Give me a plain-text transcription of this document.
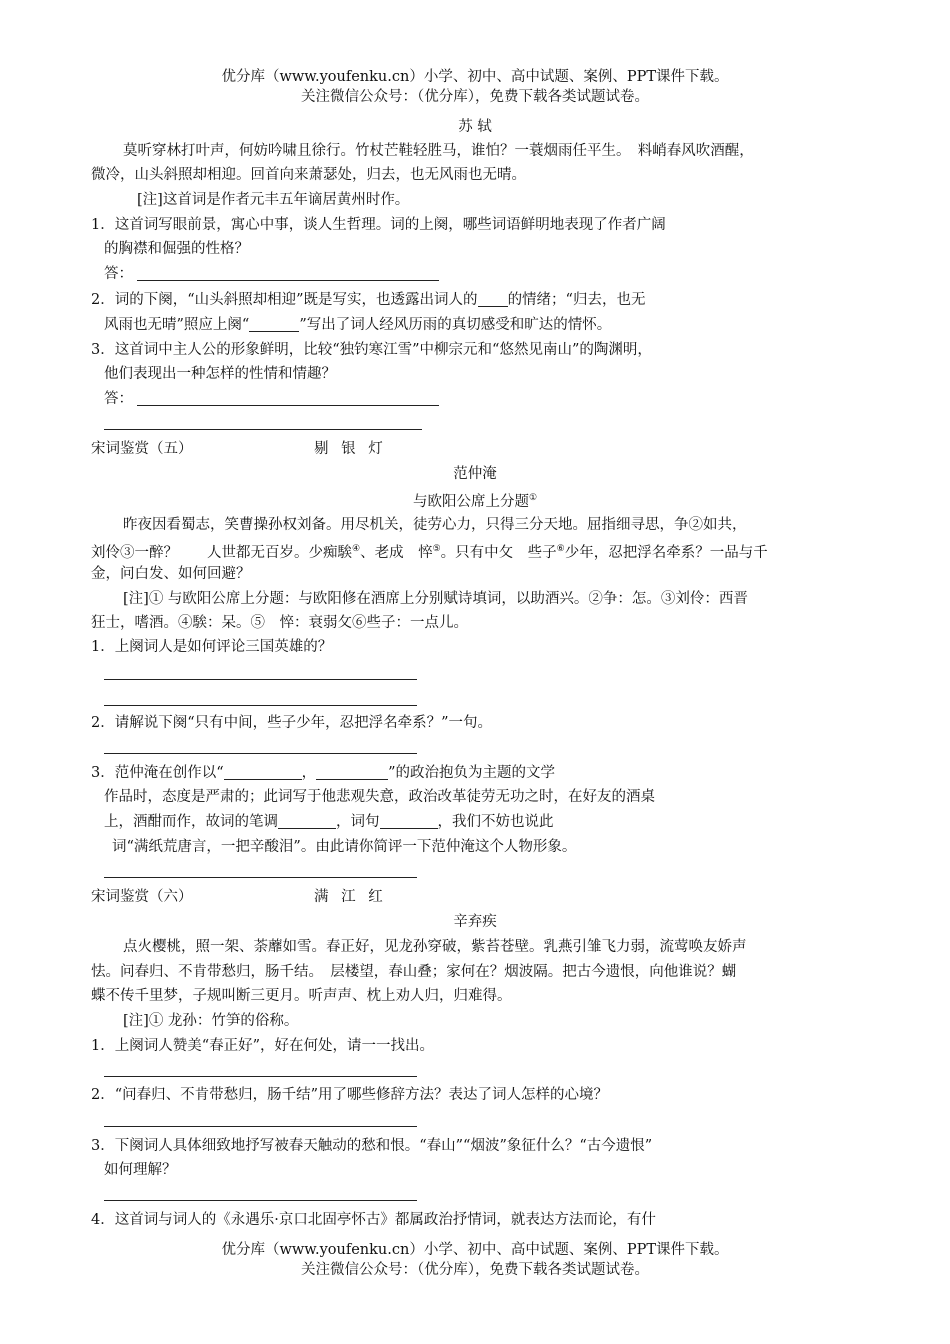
优分库（www.youfenku.cn）小学、初中、高中试题、案例、PPT课件下载。
关注微信公众号：（优分库），免费下载各类试题试卷。
苏 轼
莫听穿林打叶声，何妨吟啸且徐行。竹杖芒鞋轻胜马，谁怕？一蓑烟雨任平生。　料峭春风吹酒醒，
微冷，山头斜照却相迎。回首向来萧瑟处，归去，也无风雨也无晴。
[注]这首词是作者元丰五年谪居黄州时作。
1．这首词写眼前景，寓心中事，谈人生哲理。词的上阕，哪些词语鲜明地表现了作者广阔
的胸襟和倔强的性格？
答：
2．词的下阕，“山头斜照却相迎”既是写实，也透露出词人的 的情绪；“归去，也无
风雨也无晴”照应上阕“	”写出了词人经风历雨的真切感受和旷达的情怀。
3．这首词中主人公的形象鲜明，比较“独钓寒江雪”中柳宗元和“悠然见南山”的陶渊明，
他们表现出一种怎样的性情和情趣？
答：
宋词鉴赏（五）	剔 银 灯
范仲淹
与欧阳公席上分题①
昨夜因看蜀志，笑曹操孙权刘备。用尽机关，徒劳心力，只得三分天地。屈指细寻思，争②如共，
刘伶③一醉？　　人世都无百岁。少痴騃④、老成　悴⑤。只有中⺙　些子⑥少年，忍把浮名牵系？一品与千
金，问白发、如何回避？
[注]① 与欧阳公席上分题：与欧阳修在酒席上分别赋诗填词，以助酒兴。②争：怎。③刘伶：西晋
狂士，嗜酒。④騃：呆。⑤　悴：衰弱⺙⑥些子：一点儿。
1．上阕词人是如何评论三国英雄的？
2．请解说下阕“只有中间，些子少年，忍把浮名牵系？”一句。
3．范仲淹在创作以“	，	”的政治抱负为主题的文学
作品时，态度是严肃的；此词写于他悲观失意，政治改革徒劳无功之时，在好友的酒桌
上，酒酣而作，故词的笔调	，词句	，我们不妨也说此
词“满纸荒唐言，一把辛酸泪”。由此请你简评一下范仲淹这个人物形象。
宋词鉴赏（六）	满 江 红
辛弃疾
点火樱桃，照一架、荼蘼如雪。春正好，见龙孙穿破，紫苔苍壁。乳燕引雏飞力弱，流莺唤友娇声
怯。问春归、不肯带愁归，肠千结。　层楼望，春山叠；家何在？烟波隔。把古今遗恨，向他谁说？蝴
蝶不传千里梦，子规叫断三更月。听声声、枕上劝人归，归难得。
[注]① 龙孙：竹笋的俗称。
1．上阕词人赞美“春正好”，好在何处，请一一找出。
2．“问春归、不肯带愁归，肠千结”用了哪些修辞方法？表达了词人怎样的心境？
3．下阕词人具体细致地抒写被春天触动的愁和恨。“春山”“烟波”象征什么？“古今遗恨”
如何理解？
4．这首词与词人的《永遇乐·京口北固亭怀古》都属政治抒情词，就表达方法而论，有什
优分库（www.youfenku.cn）小学、初中、高中试题、案例、PPT课件下载。
关注微信公众号：（优分库），免费下载各类试题试卷。
